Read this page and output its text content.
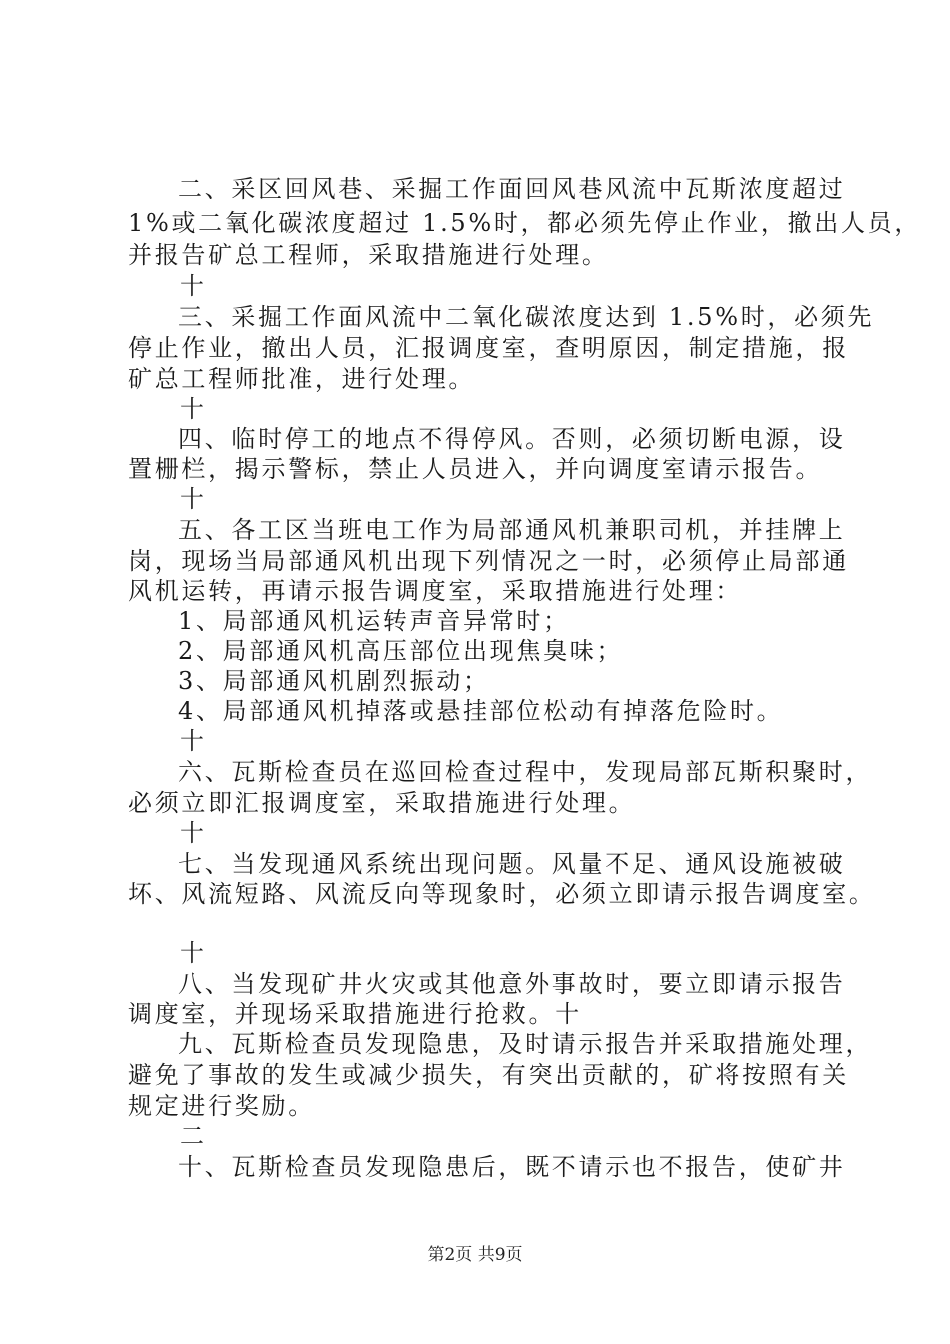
二、采区回风巷、采掘工作面回风巷风流中瓦斯浓度超过
1%或二氧化碳浓度超过 1.5%时，都必须先停止作业，撤出人员，
并报告矿总工程师，采取措施进行处理。
十
三、采掘工作面风流中二氧化碳浓度达到 1.5%时，必须先
停止作业，撤出人员，汇报调度室，查明原因，制定措施，报
矿总工程师批准，进行处理。
十
四、临时停工的地点不得停风。否则，必须切断电源，设
置栅栏，揭示警标，禁止人员进入，并向调度室请示报告。
十
五、各工区当班电工作为局部通风机兼职司机，并挂牌上
岗，现场当局部通风机出现下列情况之一时，必须停止局部通
风机运转，再请示报告调度室，采取措施进行处理：
1、局部通风机运转声音异常时；
2、局部通风机高压部位出现焦臭味；
3、局部通风机剧烈振动；
4、局部通风机掉落或悬挂部位松动有掉落危险时。
十
六、瓦斯检查员在巡回检查过程中，发现局部瓦斯积聚时，
必须立即汇报调度室，采取措施进行处理。
十
七、当发现通风系统出现问题。风量不足、通风设施被破
坏、风流短路、风流反向等现象时，必须立即请示报告调度室。
十
八、当发现矿井火灾或其他意外事故时，要立即请示报告
调度室，并现场采取措施进行抢救。十
九、瓦斯检查员发现隐患，及时请示报告并采取措施处理，
避免了事故的发生或减少损失，有突出贡献的，矿将按照有关
规定进行奖励。
二
十、瓦斯检查员发现隐患后，既不请示也不报告，使矿井
第2页 共9页
